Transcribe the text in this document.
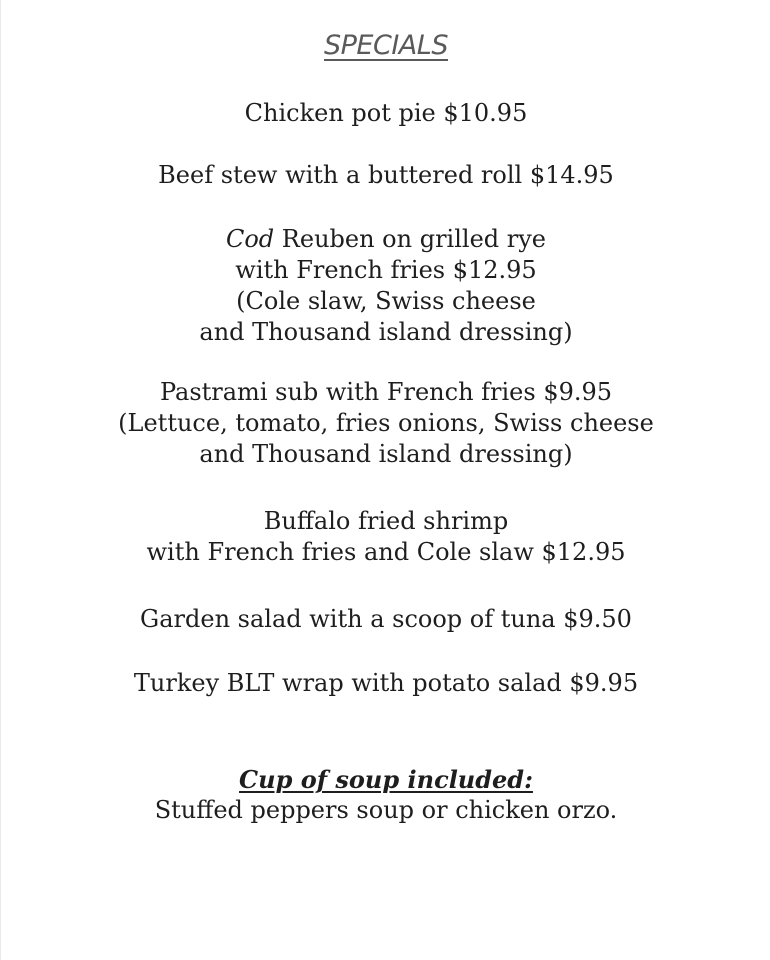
SPECIALS
Chicken pot pie $10.95
Beef stew with a buttered roll $14.95
Cod Reuben on grilled rye
with French fries $12.95
(Cole slaw, Swiss cheese
and Thousand island dressing)
Pastrami sub with French fries $9.95
(Lettuce, tomato, fries onions, Swiss cheese
and Thousand island dressing)
Buffalo fried shrimp
with French fries and Cole slaw $12.95
Garden salad with a scoop of tuna $9.50
Turkey BLT wrap with potato salad $9.95
Cup of soup included:
Stuffed peppers soup or chicken orzo.
